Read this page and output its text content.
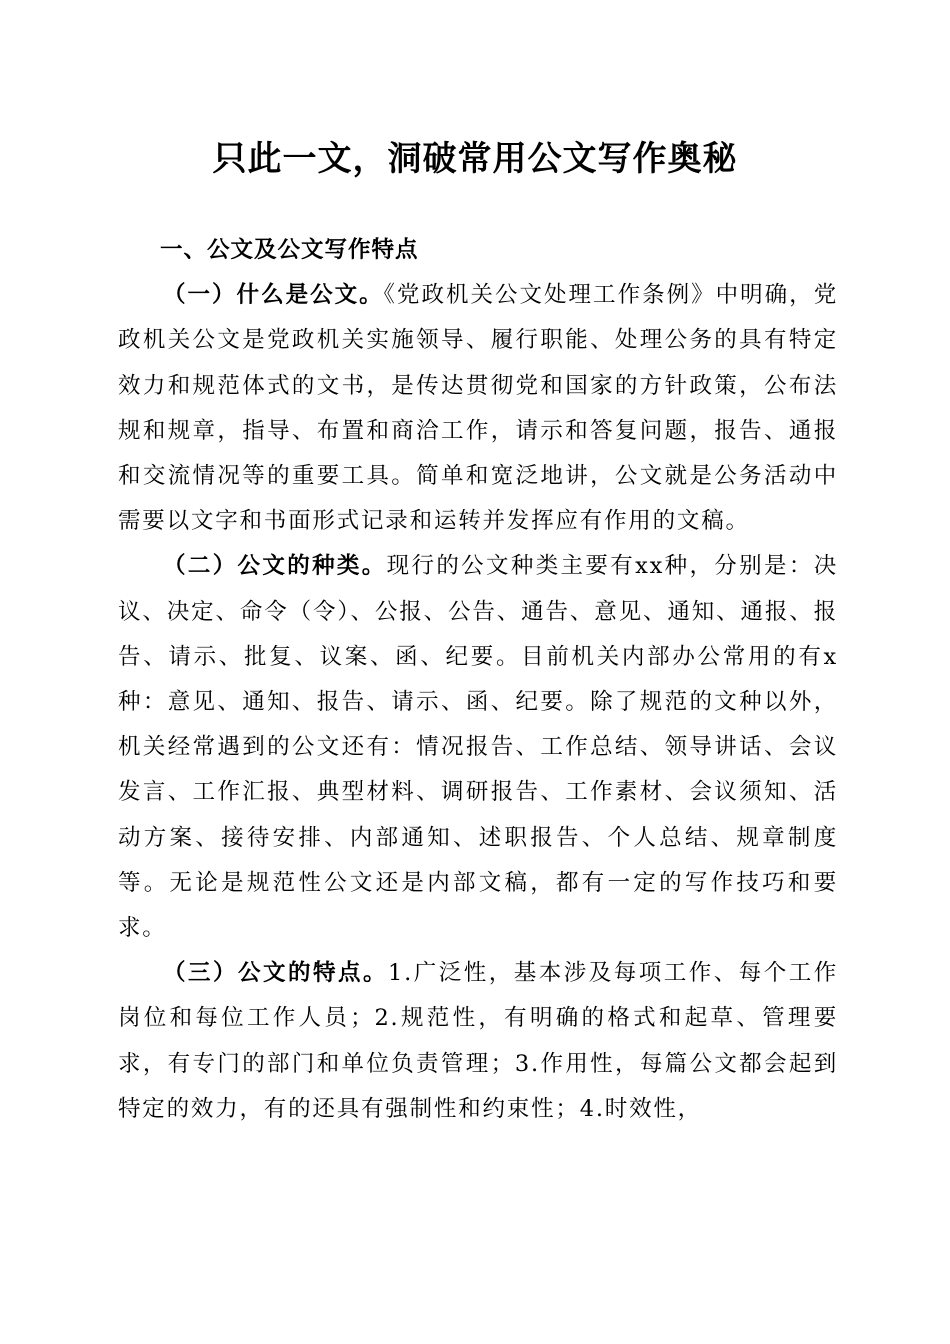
只此一文，洞破常用公文写作奥秘

一、公文及公文写作特点

（一）什么是公文。《党政机关公文处理工作条例》中明确，党政机关公文是党政机关实施领导、履行职能、处理公务的具有特定效力和规范体式的文书，是传达贯彻党和国家的方针政策，公布法规和规章，指导、布置和商洽工作，请示和答复问题，报告、通报和交流情况等的重要工具。简单和宽泛地讲，公文就是公务活动中需要以文字和书面形式记录和运转并发挥应有作用的文稿。

（二）公文的种类。现行的公文种类主要有xx种，分别是：决议、决定、命令（令）、公报、公告、通告、意见、通知、通报、报告、请示、批复、议案、函、纪要。目前机关内部办公常用的有x种：意见、通知、报告、请示、函、纪要。除了规范的文种以外，机关经常遇到的公文还有：情况报告、工作总结、领导讲话、会议发言、工作汇报、典型材料、调研报告、工作素材、会议须知、活动方案、接待安排、内部通知、述职报告、个人总结、规章制度等。无论是规范性公文还是内部文稿，都有一定的写作技巧和要求。

（三）公文的特点。1.广泛性，基本涉及每项工作、每个工作岗位和每位工作人员；2.规范性，有明确的格式和起草、管理要求，有专门的部门和单位负责管理；3.作用性，每篇公文都会起到特定的效力，有的还具有强制性和约束性；4.时效性，
